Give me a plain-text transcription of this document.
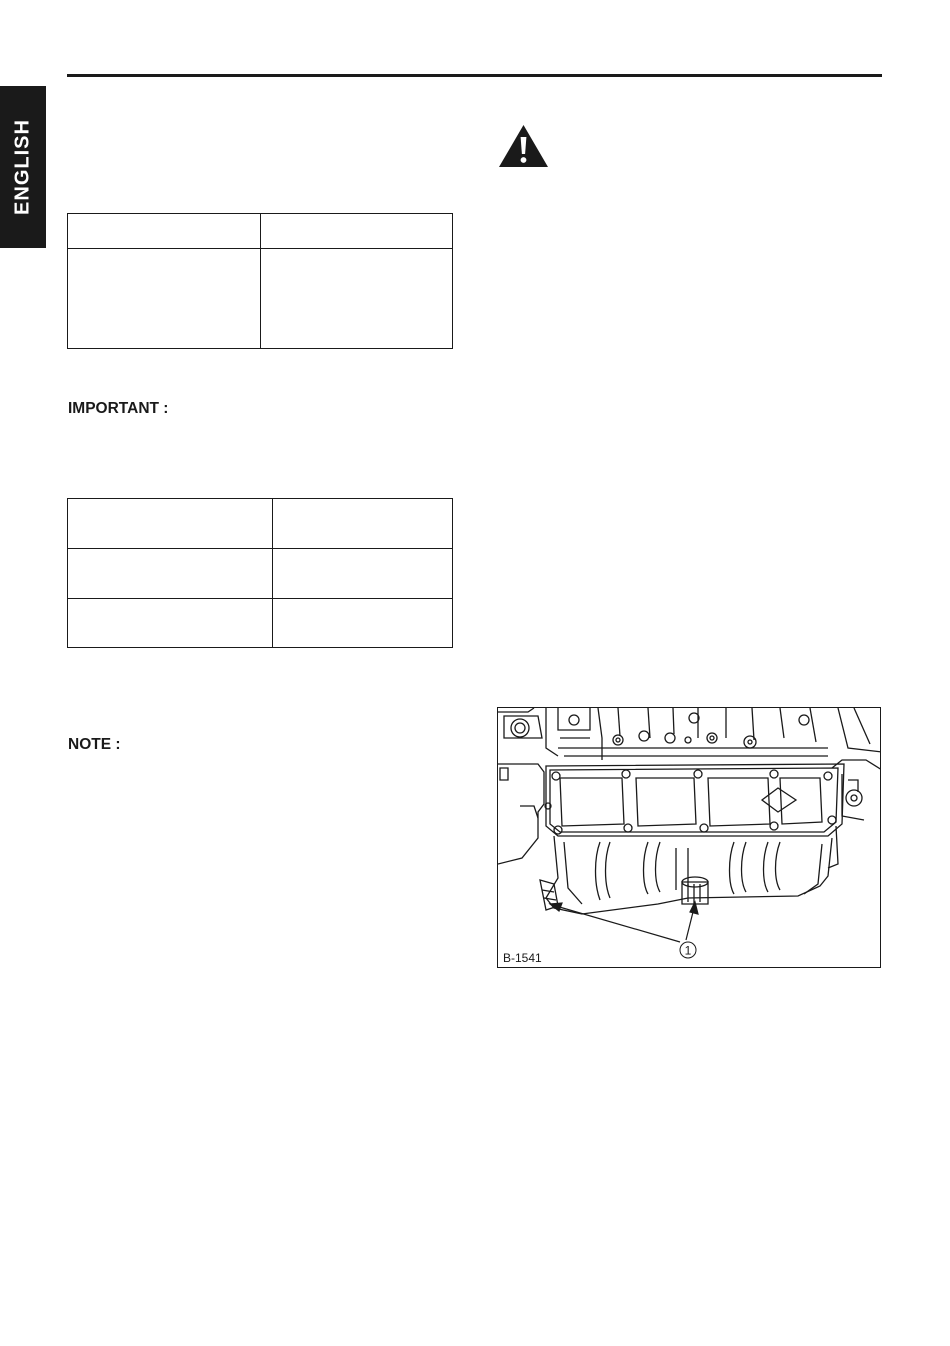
ENGLISH

IMPORTANT :

NOTE :
1
B-1541
